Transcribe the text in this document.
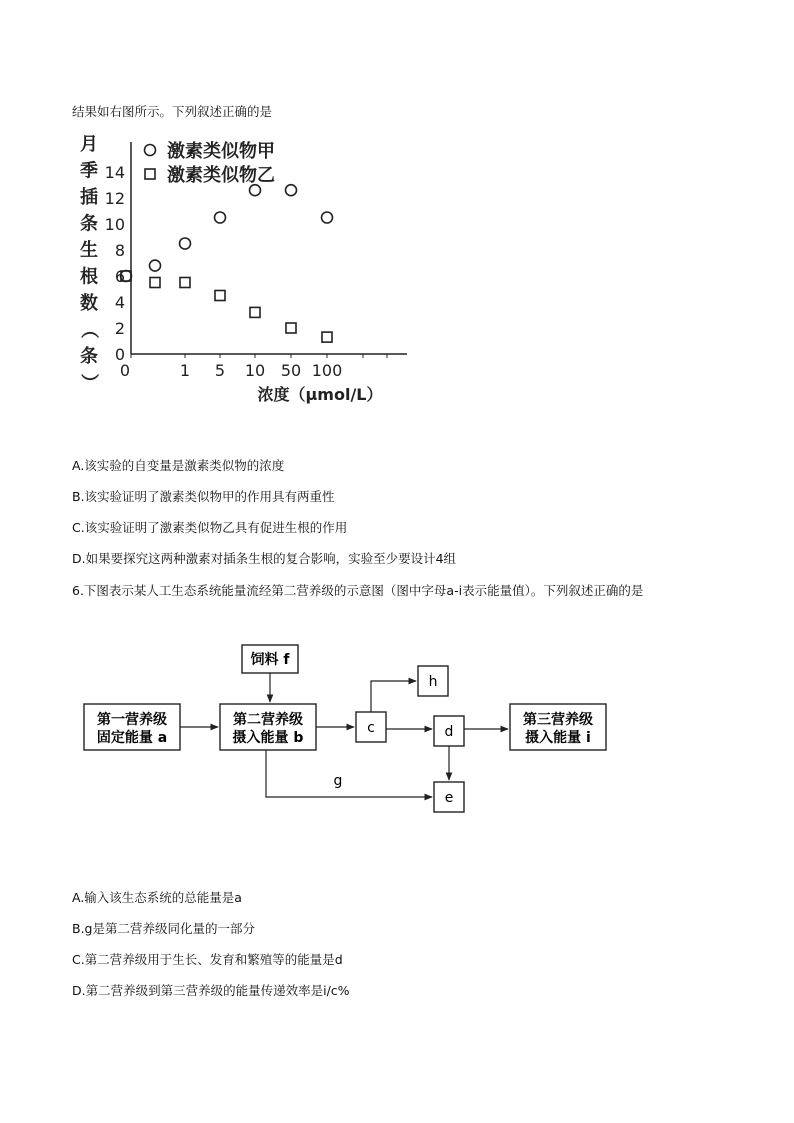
结果如右图所示。下列叙述正确的是
月
季
插
条
生
根
数
（
条
）
0
2
4
6
8
10
12
14
0	1 5 10 50 100
激素类似物甲
激素类似物乙
浓度（μmol/L）
A.该实验的自变量是激素类似物的浓度
B.该实验证明了激素类似物甲的作用具有两重性
C.该实验证明了激素类似物乙具有促进生根的作用
D.如果要探究这两种激素对插条生根的复合影响，实验至少要设计4组
6.下图表示某人工生态系统能量流经第二营养级的示意图（图中字母a-i表示能量值）。下列叙述正确的是
第一营养级
固定能量 a
第二营养级
摄入能量 b
饲料 f
c
h
d
e
第三营养级
摄入能量 i
g
A.输入该生态系统的总能量是a
B.g是第二营养级同化量的一部分
C.第二营养级用于生长、发育和繁殖等的能量是d
D.第二营养级到第三营养级的能量传递效率是i/c%
